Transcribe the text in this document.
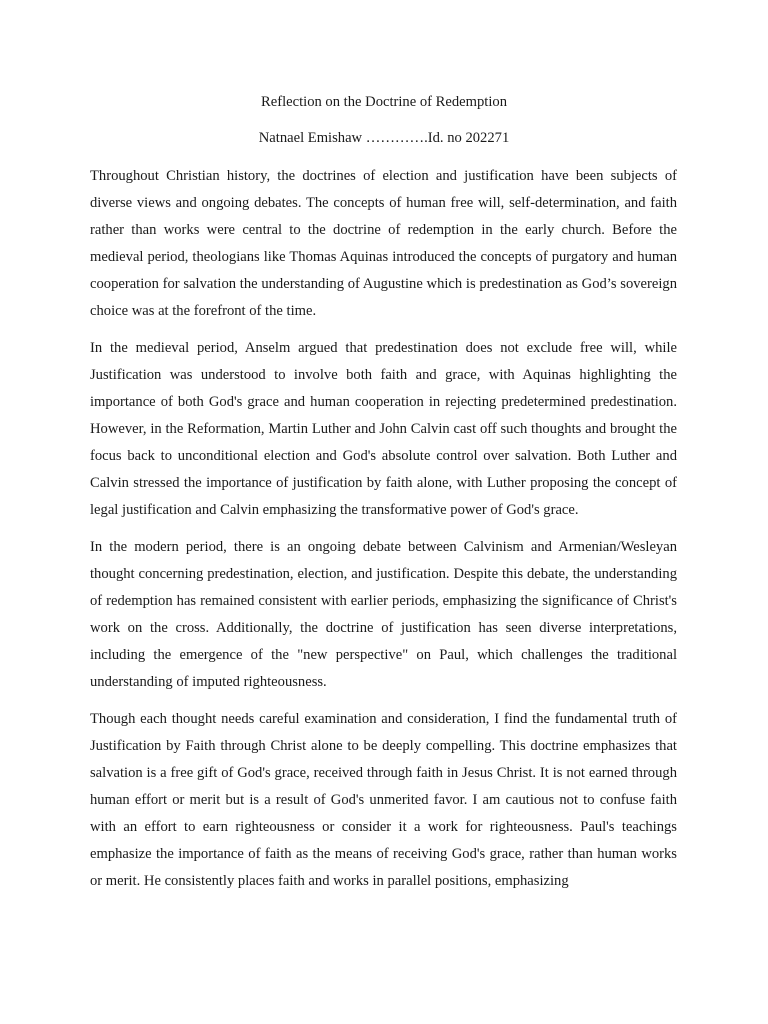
Reflection on the Doctrine of Redemption

Natnael Emishaw ………….Id. no 202271

Throughout Christian history, the doctrines of election and justification have been subjects of diverse views and ongoing debates. The concepts of human free will, self-determination, and faith rather than works were central to the doctrine of redemption in the early church. Before the medieval period, theologians like Thomas Aquinas introduced the concepts of purgatory and human cooperation for salvation the understanding of Augustine which is predestination as God’s sovereign choice was at the forefront of the time.

In the medieval period, Anselm argued that predestination does not exclude free will, while Justification was understood to involve both faith and grace, with Aquinas highlighting the importance of both God's grace and human cooperation in rejecting predetermined predestination. However, in the Reformation, Martin Luther and John Calvin cast off such thoughts and brought the focus back to unconditional election and God's absolute control over salvation. Both Luther and Calvin stressed the importance of justification by faith alone, with Luther proposing the concept of legal justification and Calvin emphasizing the transformative power of God's grace.

In the modern period, there is an ongoing debate between Calvinism and Armenian/Wesleyan thought concerning predestination, election, and justification. Despite this debate, the understanding of redemption has remained consistent with earlier periods, emphasizing the significance of Christ's work on the cross. Additionally, the doctrine of justification has seen diverse interpretations, including the emergence of the "new perspective" on Paul, which challenges the traditional understanding of imputed righteousness.

Though each thought needs careful examination and consideration, I find the fundamental truth of Justification by Faith through Christ alone to be deeply compelling. This doctrine emphasizes that salvation is a free gift of God's grace, received through faith in Jesus Christ. It is not earned through human effort or merit but is a result of God's unmerited favor. I am cautious not to confuse faith with an effort to earn righteousness or consider it a work for righteousness. Paul's teachings emphasize the importance of faith as the means of receiving God's grace, rather than human works or merit. He consistently places faith and works in parallel positions, emphasizing
